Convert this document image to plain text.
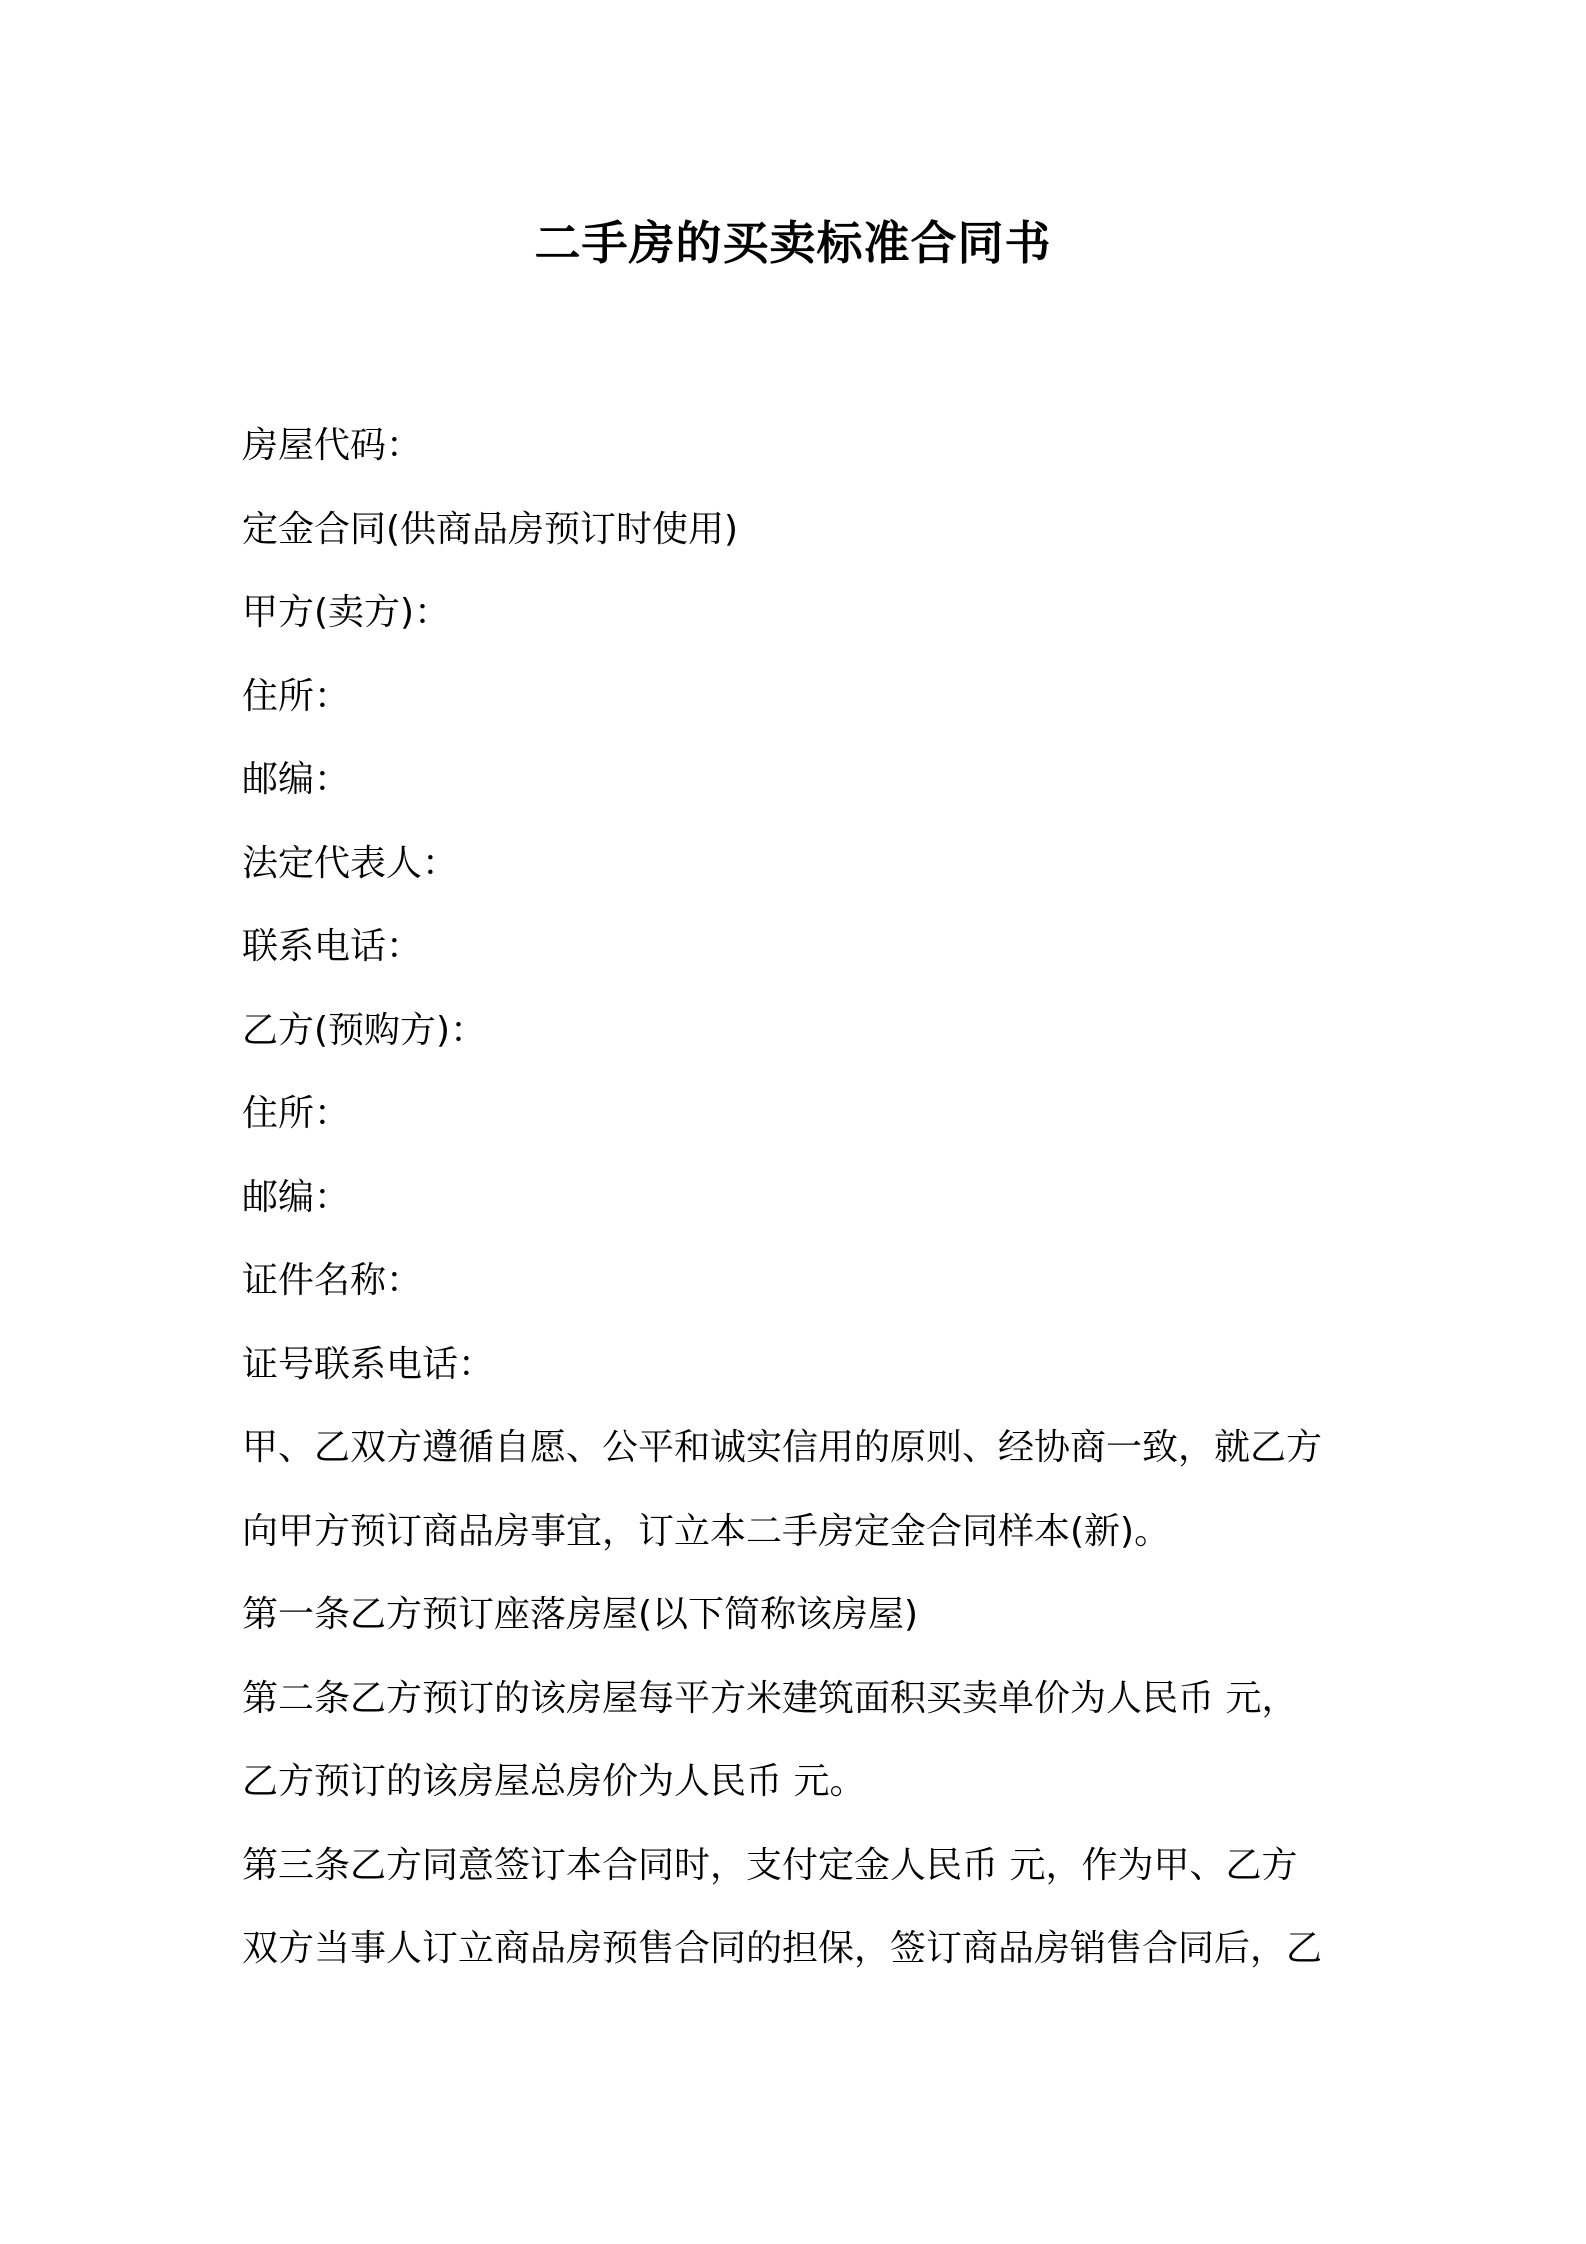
二手房的买卖标准合同书

房屋代码：

定金合同(供商品房预订时使用)

甲方(卖方)：

住所：

邮编：

法定代表人：

联系电话：

乙方(预购方)：

住所：

邮编：

证件名称：

证号联系电话：

甲、乙双方遵循自愿、公平和诚实信用的原则、经协商一致，就乙方

向甲方预订商品房事宜，订立本二手房定金合同样本(新)。

第一条乙方预订座落房屋(以下简称该房屋)

第二条乙方预订的该房屋每平方米建筑面积买卖单价为人民币 元，

乙方预订的该房屋总房价为人民币 元。

第三条乙方同意签订本合同时，支付定金人民币 元，作为甲、乙方

双方当事人订立商品房预售合同的担保，签订商品房销售合同后，乙
